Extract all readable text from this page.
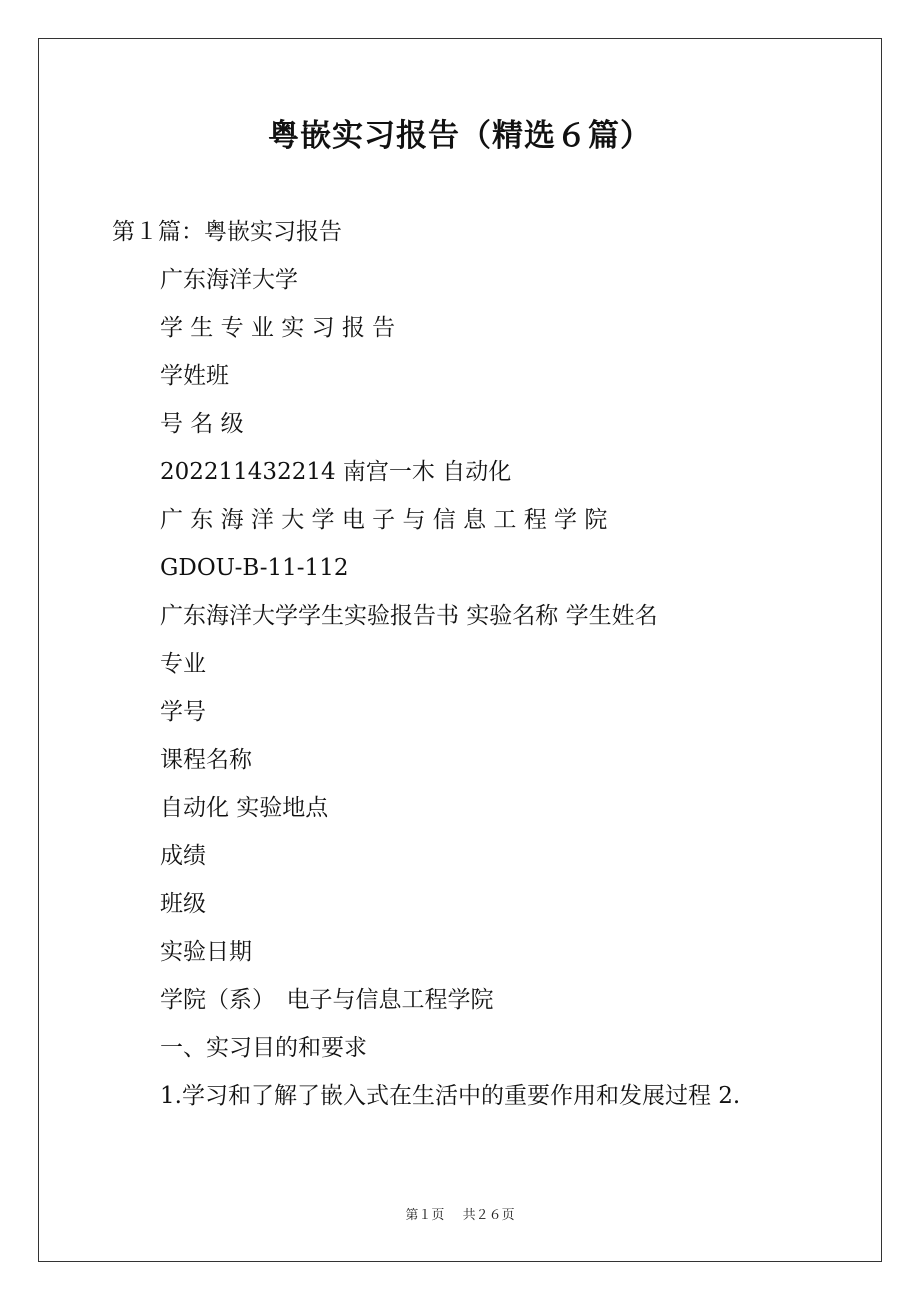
粤嵌实习报告（精选６篇）
第１篇：粤嵌实习报告
广东海洋大学
学 生 专 业 实 习 报 告
学姓班
号 名 级
202211432214 南宫一木 自动化
广 东 海 洋 大 学 电 子 与 信 息 工 程 学 院
GDOU-B-11-112
广东海洋大学学生实验报告书 实验名称 学生姓名
专业
学号
课程名称
自动化 实验地点
成绩
班级
实验日期
学院（系）　电子与信息工程学院
一、实习目的和要求
1.学习和了解了嵌入式在生活中的重要作用和发展过程 2.
第１页 共２６页
